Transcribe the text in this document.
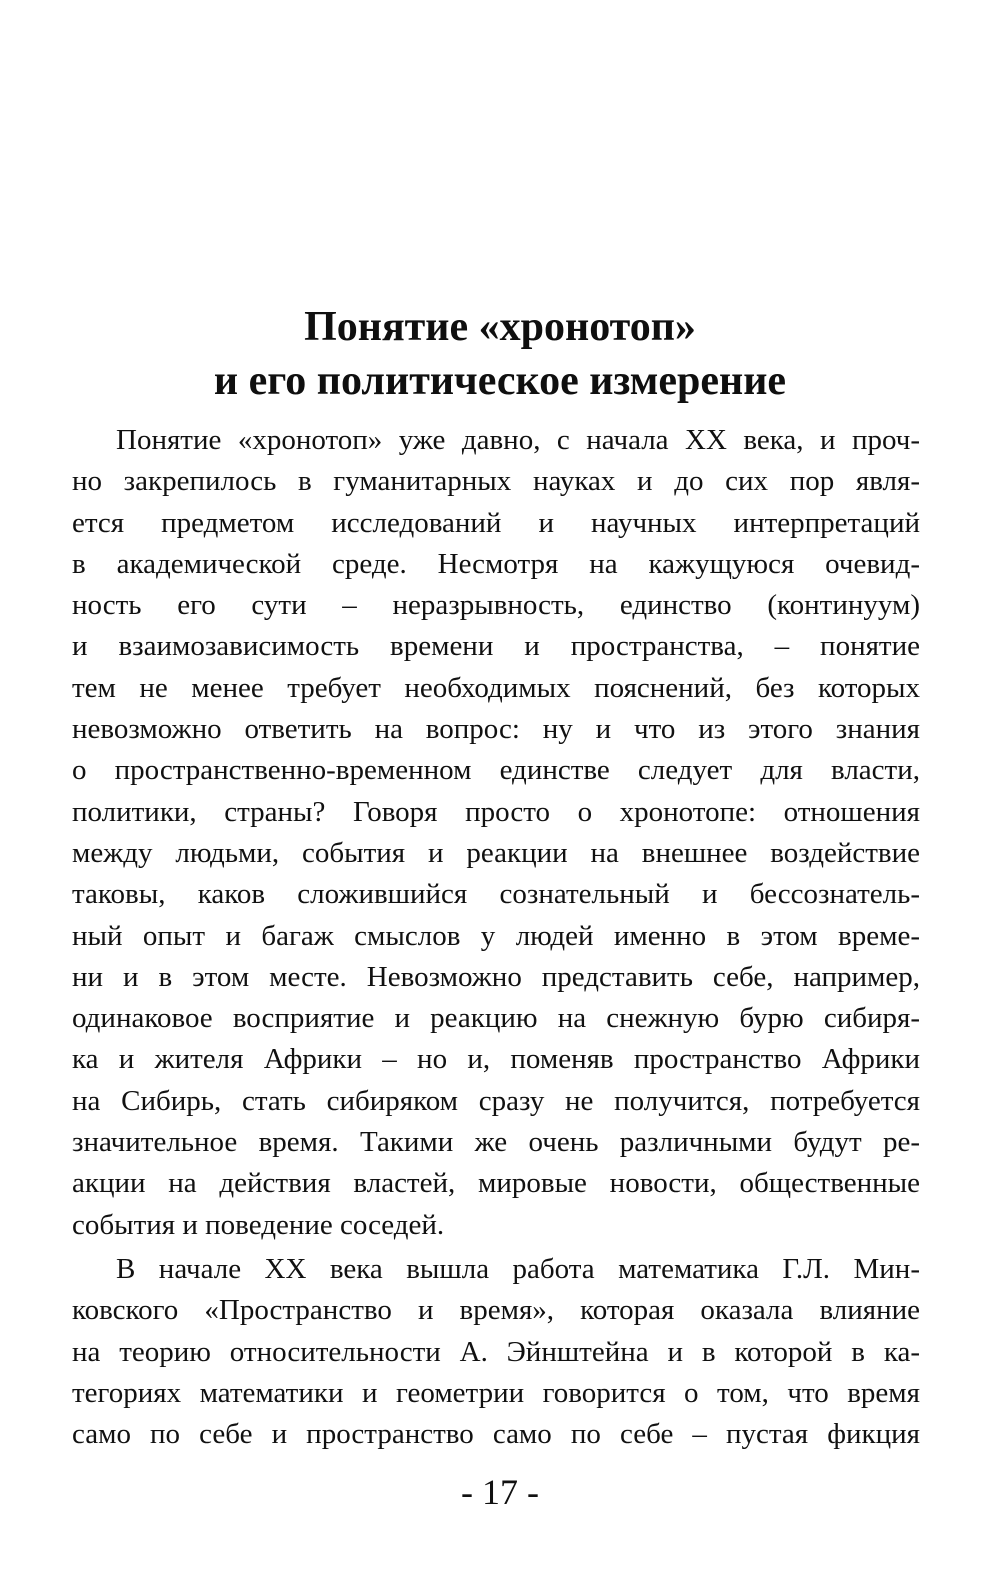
Понятие «хронотоп»
и его политическое измерение

Понятие «хронотоп» уже давно, с начала XX века, и проч-
но закрепилось в гуманитарных науках и до сих пор явля-
ется предметом исследований и научных интерпретаций
в академической среде. Несмотря на кажущуюся очевид-
ность его сути – неразрывность, единство (континуум)
и взаимозависимость времени и пространства, – понятие
тем не менее требует необходимых пояснений, без которых
невозможно ответить на вопрос: ну и что из этого знания
о пространственно-временном единстве следует для власти,
политики, страны? Говоря просто о хронотопе: отношения
между людьми, события и реакции на внешнее воздействие
таковы, каков сложившийся сознательный и бессознатель-
ный опыт и багаж смыслов у людей именно в этом време-
ни и в этом месте. Невозможно представить себе, например,
одинаковое восприятие и реакцию на снежную бурю сибиря-
ка и жителя Африки – но и, поменяв пространство Африки
на Сибирь, стать сибиряком сразу не получится, потребуется
значительное время. Такими же очень различными будут ре-
акции на действия властей, мировые новости, общественные
события и поведение соседей.

В начале XX века вышла работа математика Г.Л. Мин-
ковского «Пространство и время», которая оказала влияние
на теорию относительности А. Эйнштейна и в которой в ка-
тегориях математики и геометрии говорится о том, что время
само по себе и пространство само по себе – пустая фикция

- 17 -
